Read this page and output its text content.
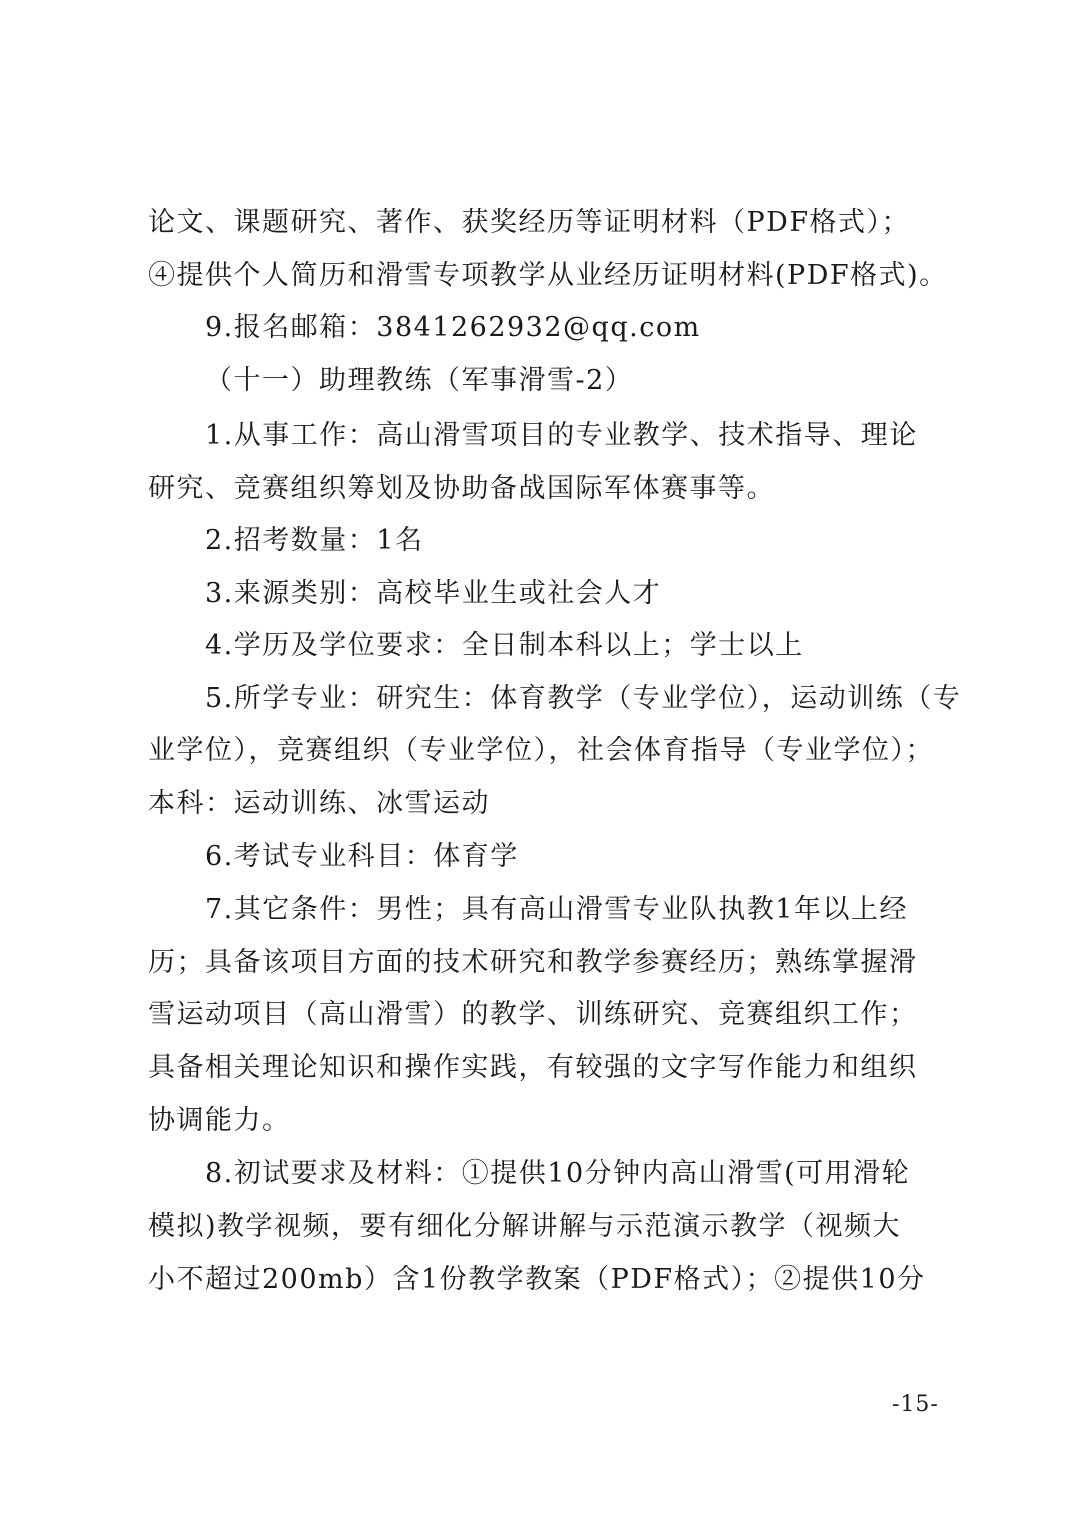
论文、课题研究、著作、获奖经历等证明材料（PDF格式）；

④提供个人简历和滑雪专项教学从业经历证明材料(PDF格式)。

9.报名邮箱：3841262932@qq.com

（十一）助理教练（军事滑雪-2）

1.从事工作：高山滑雪项目的专业教学、技术指导、理论

研究、竞赛组织筹划及协助备战国际军体赛事等。

2.招考数量：1名

3.来源类别：高校毕业生或社会人才

4.学历及学位要求：全日制本科以上；学士以上

5.所学专业：研究生：体育教学（专业学位），运动训练（专

业学位），竞赛组织（专业学位），社会体育指导（专业学位）；

本科：运动训练、冰雪运动

6.考试专业科目：体育学

7.其它条件：男性；具有高山滑雪专业队执教1年以上经

历；具备该项目方面的技术研究和教学参赛经历；熟练掌握滑

雪运动项目（高山滑雪）的教学、训练研究、竞赛组织工作；

具备相关理论知识和操作实践，有较强的文字写作能力和组织

协调能力。

8.初试要求及材料：①提供10分钟内高山滑雪(可用滑轮

模拟)教学视频，要有细化分解讲解与示范演示教学（视频大

小不超过200mb）含1份教学教案（PDF格式）；②提供10分

-15-
